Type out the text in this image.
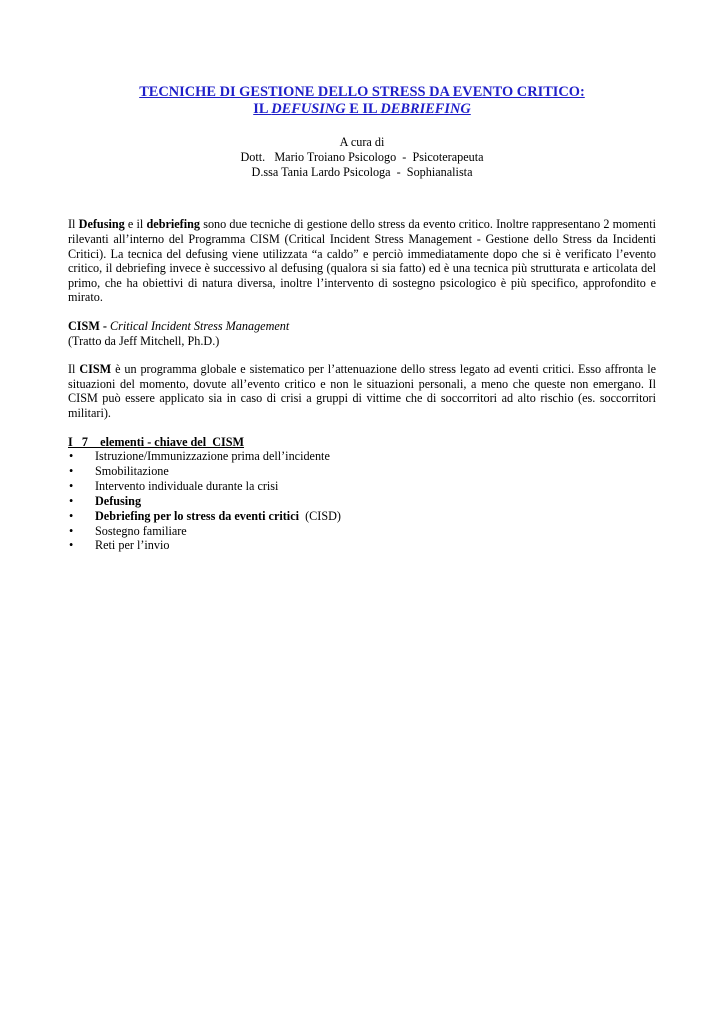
TECNICHE DI GESTIONE DELLO STRESS DA EVENTO CRITICO:
IL DEFUSING E IL DEBRIEFING
A cura di
Dott.   Mario Troiano Psicologo  -  Psicoterapeuta
D.ssa Tania Lardo Psicologa  -  Sophianalista

Il Defusing e il debriefing sono due tecniche di gestione dello stress da evento critico. Inoltre rappresentano 2 momenti rilevanti all’interno del Programma CISM (Critical Incident Stress Management - Gestione dello Stress da Incidenti Critici). La tecnica del defusing viene utilizzata “a caldo” e perciò immediatamente dopo che si è verificato l’evento critico, il debriefing invece è successivo al defusing (qualora si sia fatto) ed è una tecnica più strutturata e articolata del primo, che ha obiettivi di natura diversa, inoltre l’intervento di sostegno psicologico è più specifico, approfondito e mirato.

CISM - Critical Incident Stress Management
(Tratto da Jeff Mitchell, Ph.D.)

Il CISM è un programma globale e sistematico per l’attenuazione dello stress legato ad eventi critici. Esso affronta le situazioni del momento, dovute all’evento critico e non le situazioni personali, a meno che queste non emergano. Il CISM può essere applicato sia in caso di crisi a gruppi di vittime che di soccorritori ad alto rischio (es. soccorritori militari).

I   7    elementi - chiave del  CISM
• Istruzione/Immunizzazione prima dell’incidente
• Smobilitazione
• Intervento individuale durante la crisi
• Defusing
• Debriefing per lo stress da eventi critici  (CISD)
• Sostegno familiare
• Reti per l’invio
